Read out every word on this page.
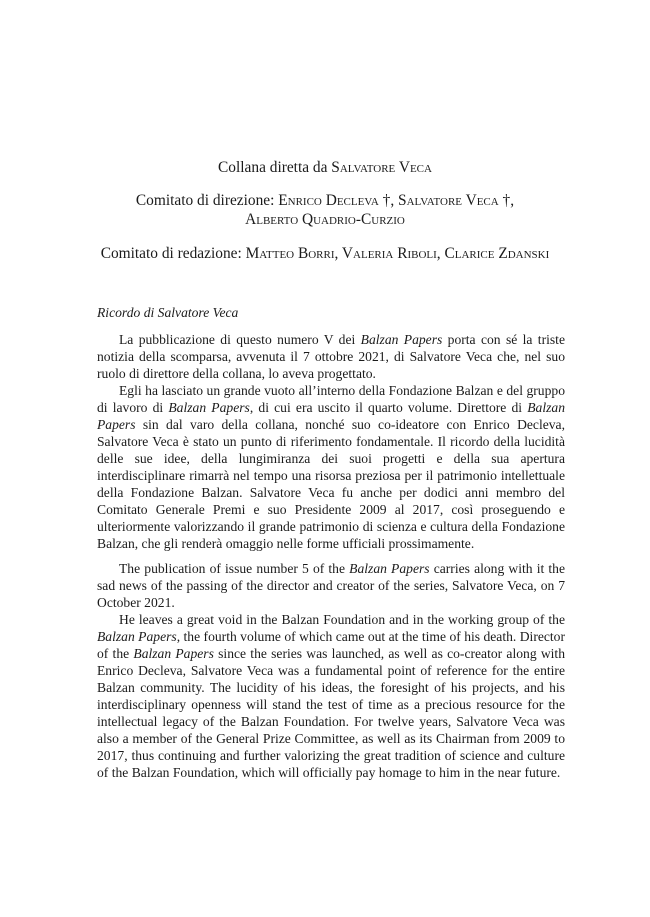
Collana diretta da Salvatore Veca
Comitato di direzione: Enrico Decleva †, Salvatore Veca †,
Alberto Quadrio-Curzio
Comitato di redazione: Matteo Borri, Valeria Riboli, Clarice Zdanski
Ricordo di Salvatore Veca

La pubblicazione di questo numero V dei Balzan Papers porta con sé la triste notizia della scomparsa, avvenuta il 7 ottobre 2021, di Salvatore Veca che, nel suo ruolo di direttore della collana, lo aveva progettato.

Egli ha lasciato un grande vuoto all’interno della Fondazione Balzan e del gruppo di lavoro di Balzan Papers, di cui era uscito il quarto volume. Direttore di Balzan Papers sin dal varo della collana, nonché suo co-ideatore con Enrico Decleva, Salvatore Veca è stato un punto di riferimento fondamentale. Il ricordo della lucidità delle sue idee, della lungimiranza dei suoi progetti e della sua apertura interdisciplinare rimarrà nel tempo una risorsa preziosa per il patrimonio intellettuale della Fondazione Balzan. Salvatore Veca fu anche per dodici anni membro del Comitato Generale Premi e suo Presidente 2009 al 2017, così proseguendo e ulteriormente valorizzando il grande patrimonio di scienza e cultura della Fondazione Balzan, che gli renderà omaggio nelle forme ufficiali prossimamente.

The publication of issue number 5 of the Balzan Papers carries along with it the sad news of the passing of the director and creator of the series, Salvatore Veca, on 7 October 2021.

He leaves a great void in the Balzan Foundation and in the working group of the Balzan Papers, the fourth volume of which came out at the time of his death. Director of the Balzan Papers since the series was launched, as well as co-creator along with Enrico Decleva, Salvatore Veca was a fundamental point of reference for the entire Balzan community. The lucidity of his ideas, the foresight of his projects, and his interdisciplinary openness will stand the test of time as a precious resource for the intellectual legacy of the Balzan Foundation. For twelve years, Salvatore Veca was also a member of the General Prize Committee, as well as its Chairman from 2009 to 2017, thus continuing and further valorizing the great tradition of science and culture of the Balzan Foundation, which will officially pay homage to him in the near future.
